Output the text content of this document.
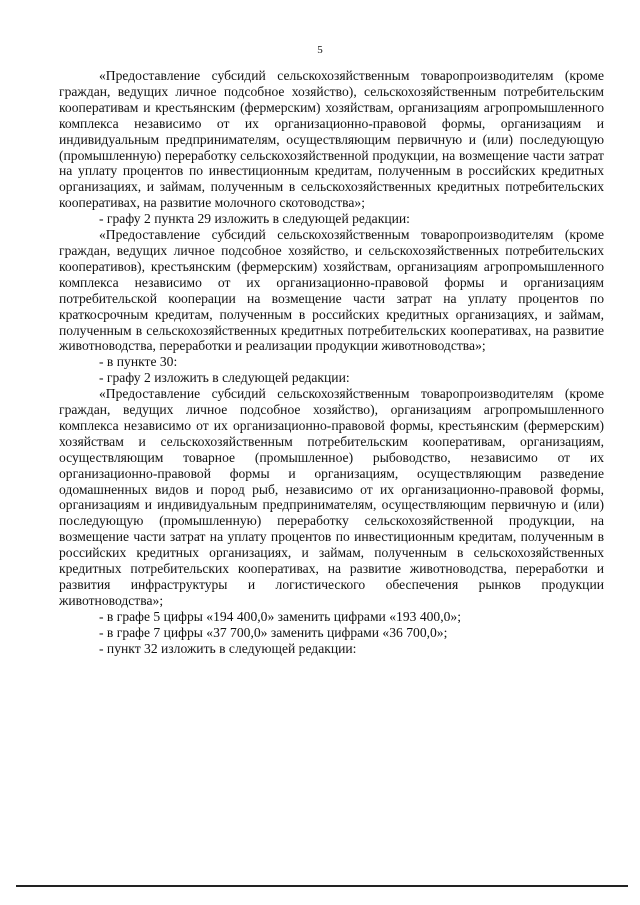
5

«Предоставление субсидий сельскохозяйственным товаропроизводителям (кроме граждан, ведущих личное подсобное хозяйство), сельскохозяйственным потребительским кооперативам и крестьянским (фермерским) хозяйствам, организациям агропромышленного комплекса независимо от их организационно-правовой формы, организациям и индивидуальным предпринимателям, осуществляющим первичную и (или) последующую (промышленную) переработку сельскохозяйственной продукции, на возмещение части затрат на уплату процентов по инвестиционным кредитам, полученным в российских кредитных организациях, и займам, полученным в сельскохозяйственных кредитных потребительских кооперативах, на развитие молочного скотоводства»;

- графу 2 пункта 29 изложить в следующей редакции:

«Предоставление субсидий сельскохозяйственным товаропроизводителям (кроме граждан, ведущих личное подсобное хозяйство, и сельскохозяйственных потребительских кооперативов), крестьянским (фермерским) хозяйствам, организациям агропромышленного комплекса независимо от их организационно-правовой формы и организациям потребительской кооперации на возмещение части затрат на уплату процентов по краткосрочным кредитам, полученным в российских кредитных организациях, и займам, полученным в сельскохозяйственных кредитных потребительских кооперативах, на развитие животноводства, переработки и реализации продукции животноводства»;

- в пункте 30:

- графу 2 изложить в следующей редакции:

«Предоставление субсидий сельскохозяйственным товаропроизводителям (кроме граждан, ведущих личное подсобное хозяйство), организациям агропромышленного комплекса независимо от их организационно-правовой формы, крестьянским (фермерским) хозяйствам и сельскохозяйственным потребительским кооперативам, организациям, осуществляющим товарное (промышленное) рыбоводство, независимо от их организационно-правовой формы и организациям, осуществляющим разведение одомашненных видов и пород рыб, независимо от их организационно-правовой формы, организациям и индивидуальным предпринимателям, осуществляющим первичную и (или) последующую (промышленную) переработку сельскохозяйственной продукции, на возмещение части затрат на уплату процентов по инвестиционным кредитам, полученным в российских кредитных организациях, и займам, полученным в сельскохозяйственных кредитных потребительских кооперативах, на развитие животноводства, переработки и развития инфраструктуры и логистического обеспечения рынков продукции животноводства»;

- в графе 5 цифры «194 400,0» заменить цифрами «193 400,0»;

- в графе 7 цифры «37 700,0» заменить цифрами «36 700,0»;

- пункт 32 изложить в следующей редакции:
